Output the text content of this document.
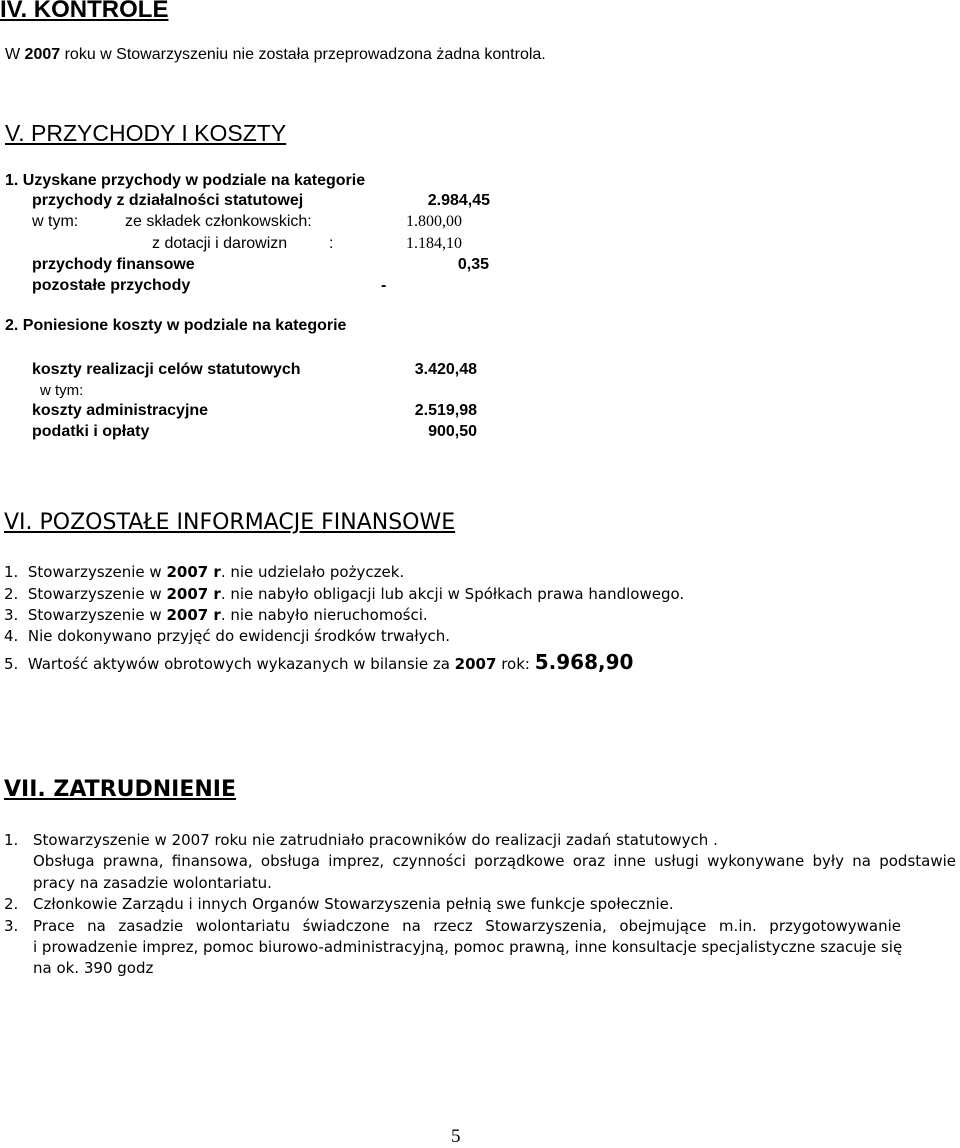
IV. KONTROLE
W 2007 roku w Stowarzyszeniu nie została przeprowadzona żadna kontrola.
V. PRZYCHODY I KOSZTY
1. Uzyskane przychody w podziale na kategorie
przychody z działalności statutowej	2.984,45
w tym:	ze składek członkowskich:	1.800,00
z dotacji i darowizn	:	1.184,10
przychody finansowe	0,35
pozostałe przychody	-
2. Poniesione koszty w podziale na kategorie
koszty realizacji celów statutowych	3.420,48
w tym:
koszty administracyjne	2.519,98
podatki i opłaty	900,50
VI. POZOSTAŁE INFORMACJE FINANSOWE
1. Stowarzyszenie w 2007 r. nie udzielało pożyczek.
2. Stowarzyszenie w 2007 r. nie nabyło obligacji lub akcji w Spółkach prawa handlowego.
3. Stowarzyszenie w 2007 r. nie nabyło nieruchomości.
4. Nie dokonywano przyjęć do ewidencji środków trwałych.
5. Wartość aktywów obrotowych wykazanych w bilansie za 2007 rok: 5.968,90
VII. ZATRUDNIENIE
1. Stowarzyszenie w 2007 roku nie zatrudniało pracowników do realizacji zadań statutowych .
Obsługa prawna, finansowa, obsługa imprez, czynności porządkowe oraz inne usługi wykonywane były na podstawie
pracy na zasadzie wolontariatu.
2. Członkowie Zarządu i innych Organów Stowarzyszenia pełnią swe funkcje społecznie.
3. Prace na zasadzie wolontariatu świadczone na rzecz Stowarzyszenia, obejmujące m.in. przygotowywanie
i prowadzenie imprez, pomoc biurowo-administracyjną, pomoc prawną, inne konsultacje specjalistyczne szacuje się
na ok. 390 godz
5
